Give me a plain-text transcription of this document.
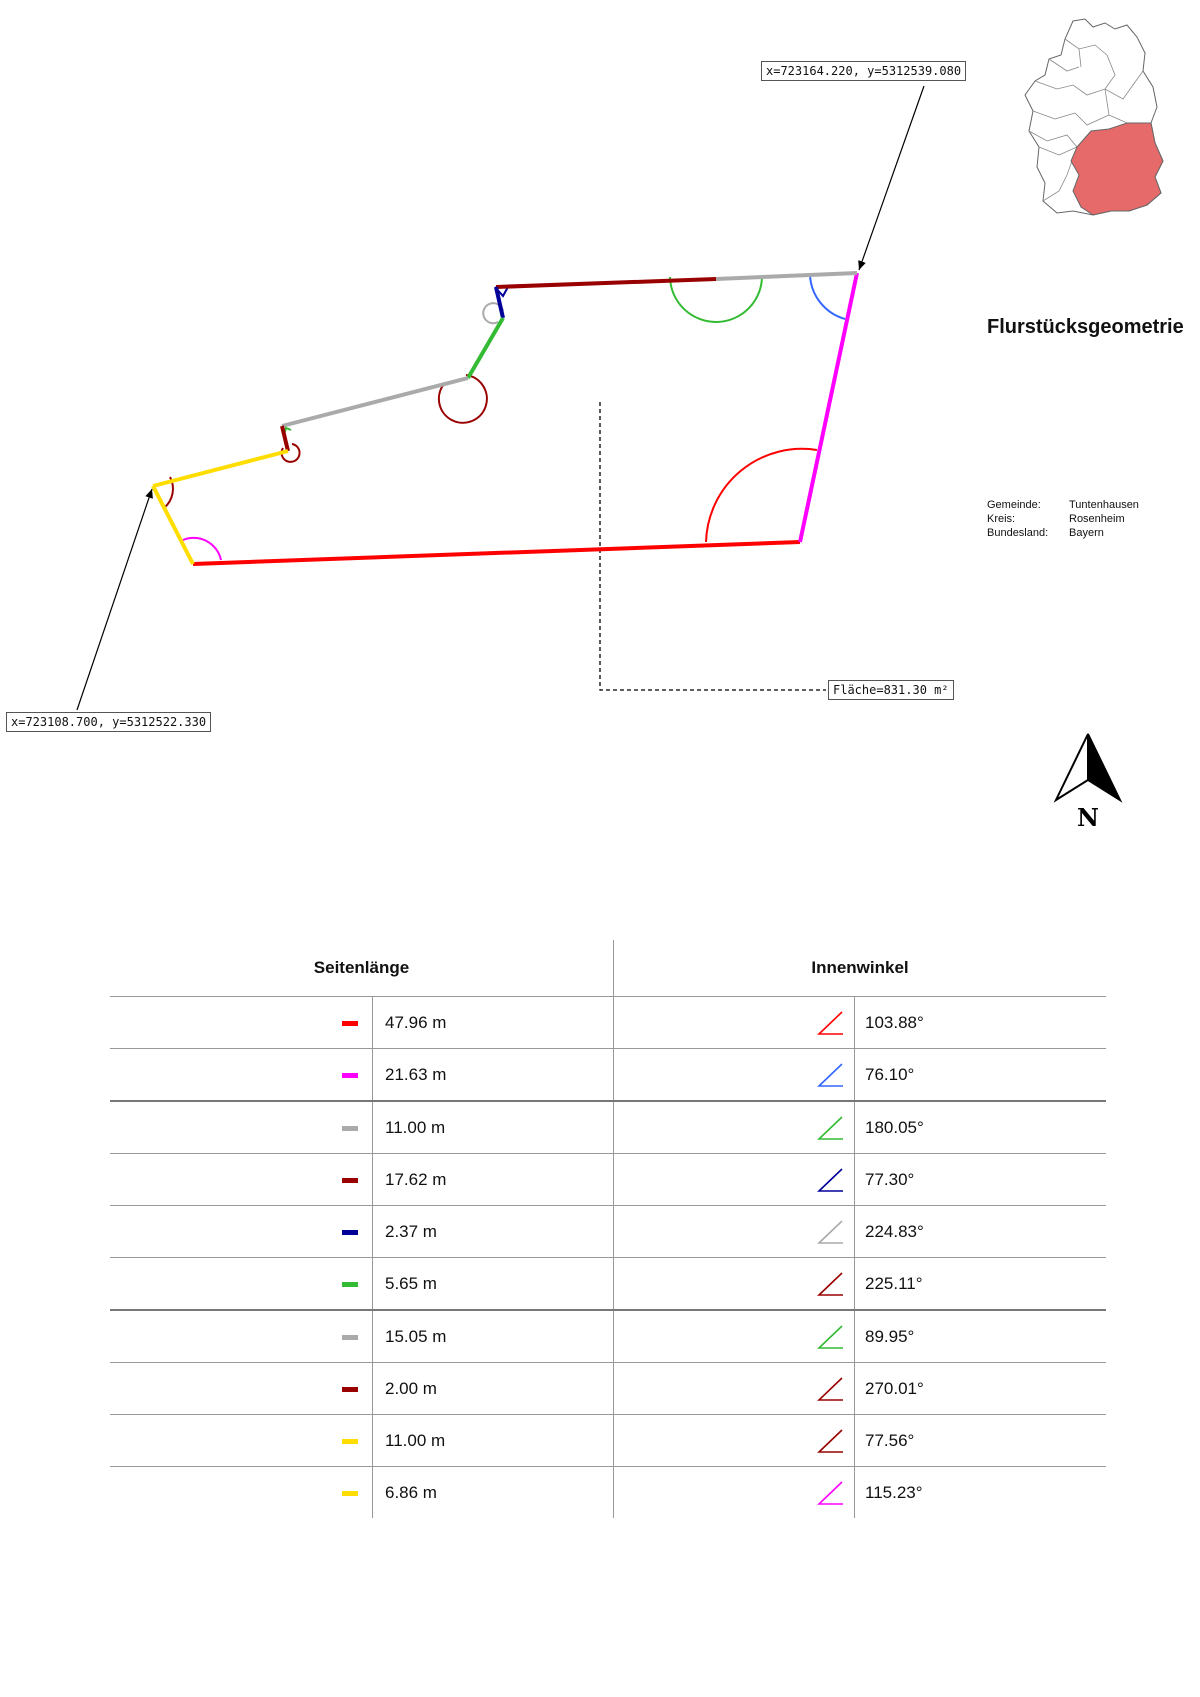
x=723164.220, y=5312539.080
x=723108.700, y=5312522.330
Fläche=831.30 m²
Flurstücksgeometrie
Gemeinde:	Tuntenhausen
Kreis:	Rosenheim
Bundesland:	Bayern
N
Seitenlänge		Innenwinkel	
	47.96 m		103.88°
	21.63 m		76.10°
	11.00 m		180.05°
	17.62 m		77.30°
	2.37 m		224.83°
	5.65 m		225.11°
	15.05 m		89.95°
	2.00 m		270.01°
	11.00 m		77.56°
	6.86 m		115.23°
